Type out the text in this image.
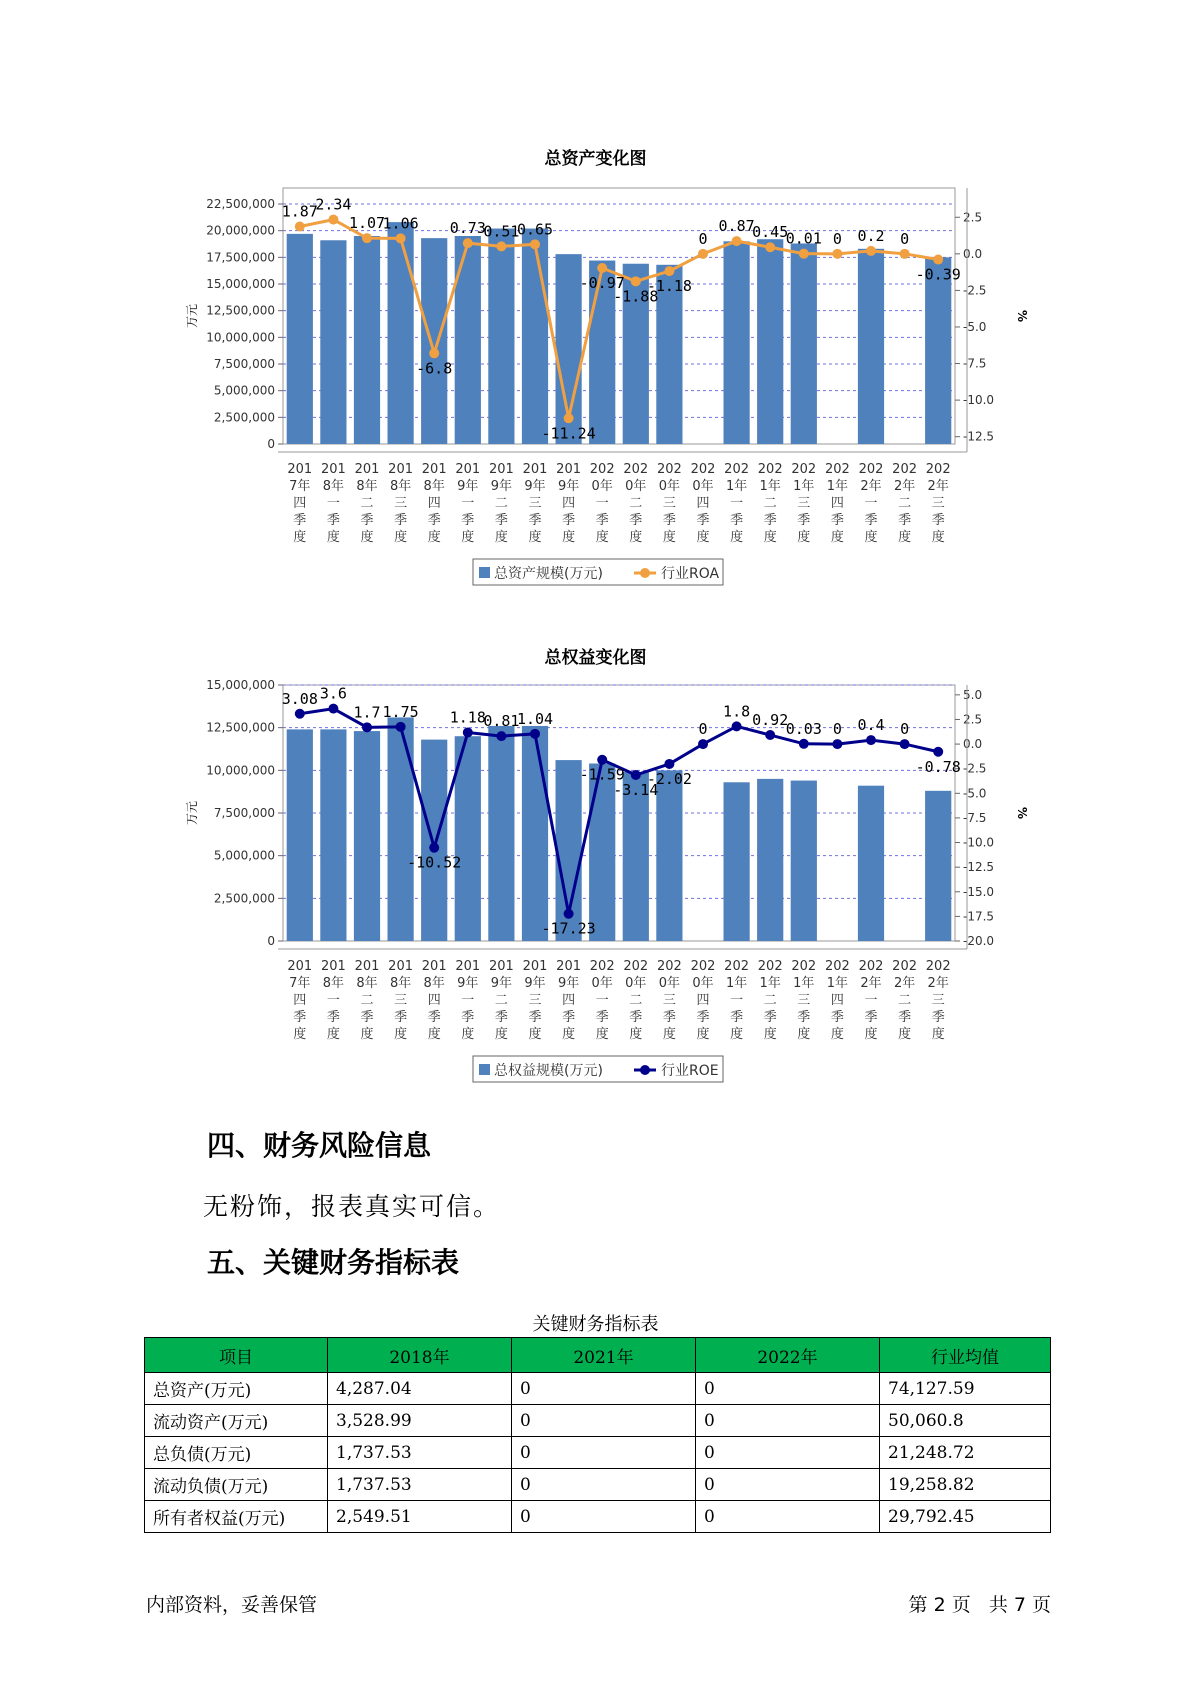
总资产变化图
0
2,500,000
5,000,000
7,500,000
10,000,000
12,500,000
15,000,000
17,500,000
20,000,000
22,500,000
2.5
0.0
-2.5
-5.0
-7.5
-10.0
-12.5
万元	%
201
7年
四
季
度
201
8年
一
季
度
201
8年
二
季
度
201
8年
三
季
度
201
8年
四
季
度
201
9年
一
季
度
201
9年
二
季
度
201
9年
三
季
度
201
9年
四
季
度
202
0年
一
季
度
202
0年
二
季
度
202
0年
三
季
度
202
0年
四
季
度
202
1年
一
季
度
202
1年
二
季
度
202
1年
三
季
度
202
1年
四
季
度
202
2年
一
季
度
202
2年
二
季
度
202
2年
三
季
度
1.87
2.34
1.07
1.06
-6.8
0.73
0.51
0.65
-11.24
-0.97
-1.88
-1.18
0
0.87
0.45
0.01 0 0.2 0
-0.39
总资产规模(万元)	行业ROA
总权益变化图
0
2,500,000
5,000,000
7,500,000
10,000,000
12,500,000
15,000,000
5.0
2.5
0.0
-2.5
-5.0
-7.5
-10.0
-12.5
-15.0
-17.5
-20.0
万元	%
201
7年
四
季
度
201
8年
一
季
度
201
8年
二
季
度
201
8年
三
季
度
201
8年
四
季
度
201
9年
一
季
度
201
9年
二
季
度
201
9年
三
季
度
201
9年
四
季
度
202
0年
一
季
度
202
0年
二
季
度
202
0年
三
季
度
202
0年
四
季
度
202
1年
一
季
度
202
1年
二
季
度
202
1年
三
季
度
202
1年
四
季
度
202
2年
一
季
度
202
2年
二
季
度
202
2年
三
季
度
3.08 3.6
1.7 1.75
-10.52
1.18
0.81
1.04
-17.23
-1.59
-3.14
-2.02
0
1.8 0.92
0.03 0 0.4 0
-0.78
总权益规模(万元)	行业ROE
四、财务风险信息
无粉饰，报表真实可信。
五、关键财务指标表
关键财务指标表
项目	2018年	2021年	2022年	行业均值
总资产(万元)	4,287.04	0	0	74,127.59
流动资产(万元)	3,528.99	0	0	50,060.8
总负债(万元)	1,737.53	0	0	21,248.72
流动负债(万元)	1,737.53	0	0	19,258.82
所有者权益(万元)	2,549.51	0	0	29,792.45
内部资料，妥善保管	第 2 页   共 7 页
